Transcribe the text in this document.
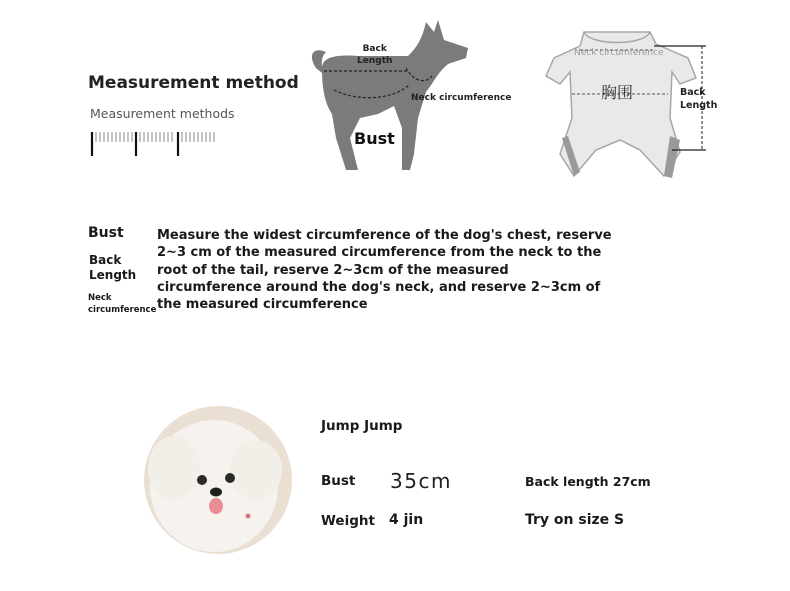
Measurement method
Measurement methods
Back
Length
Neck circumference
Bust
Neck circumference
胸围	Back
Length
Bust
Back Length
Neck circumference
Measure the widest circumference of the dog's chest, reserve 2~3 cm of the measured circumference from the neck to the root of the tail, reserve 2~3cm of the measured circumference around the dog's neck, and reserve 2~3cm of the measured circumference
Jump Jump
Bust 35cm	Back length 27cm
Weight 4 jin	Try on size S
